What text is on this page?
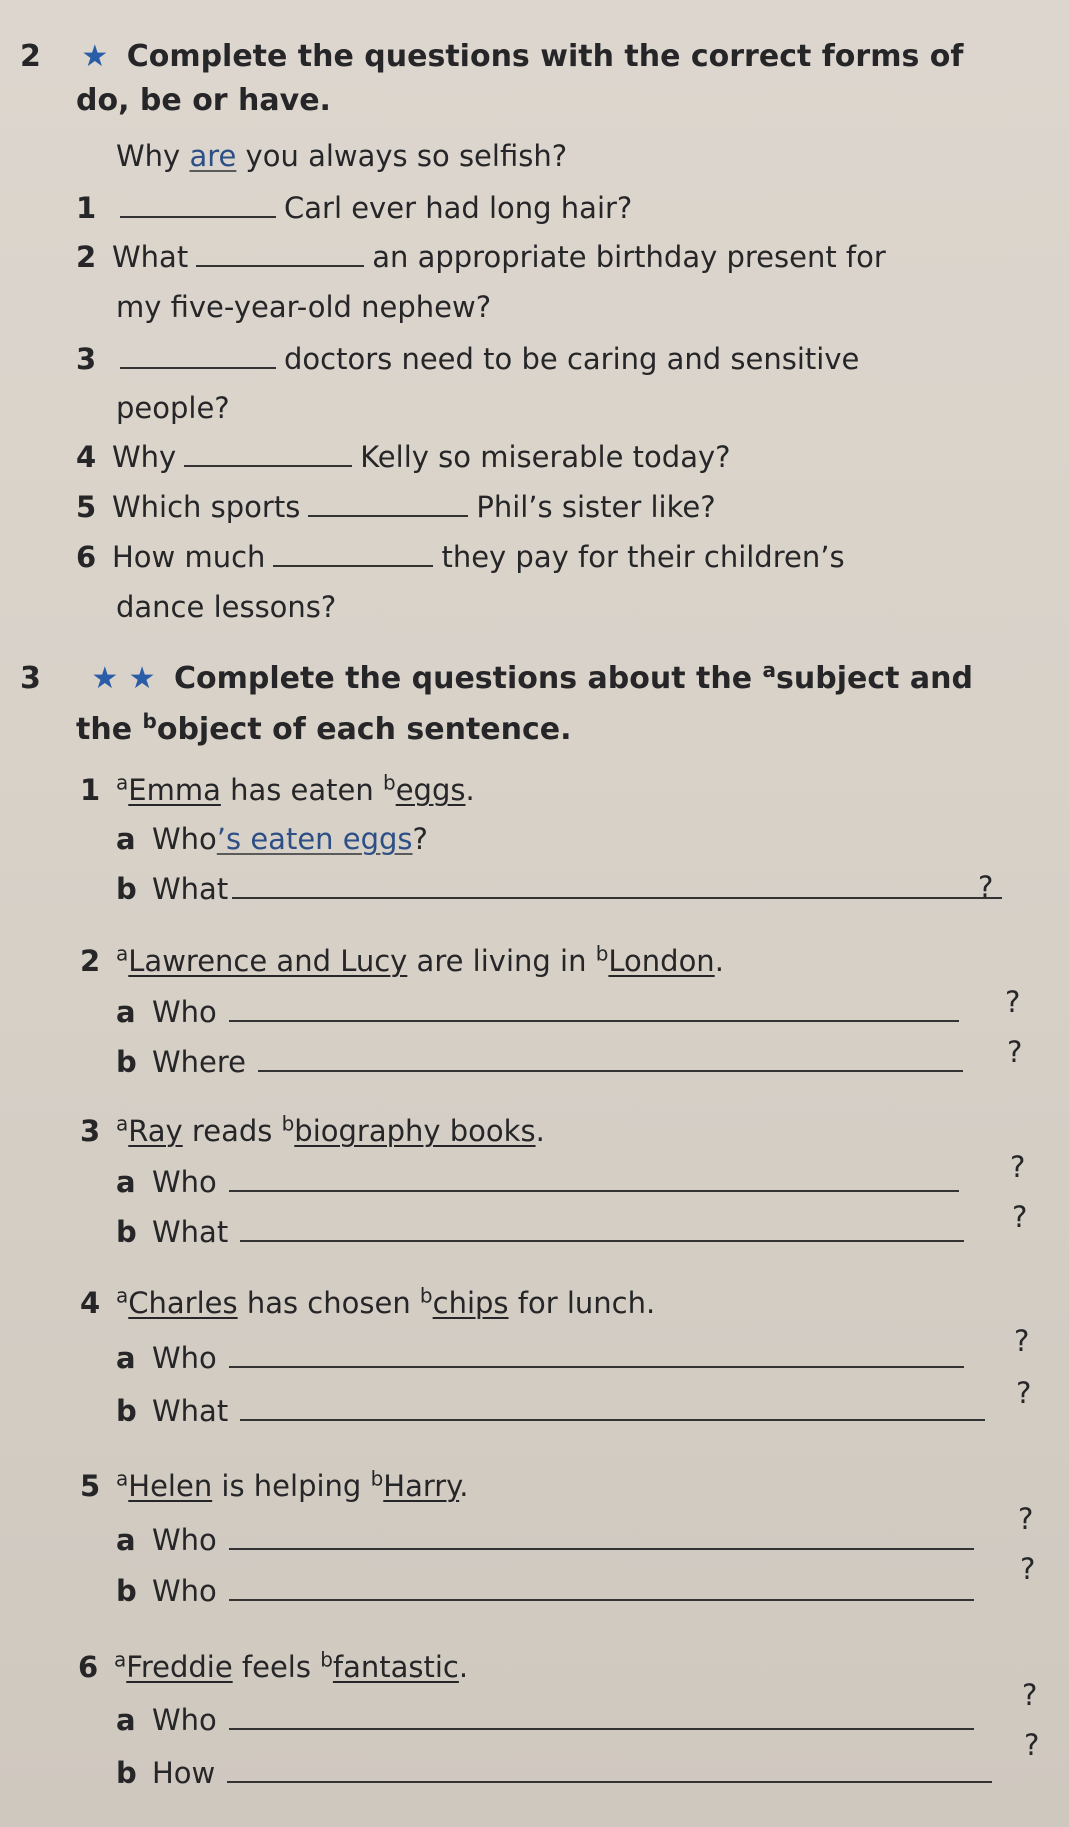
2 ★ Complete the questions with the correct forms of
do, be or have.
Why are you always so selfish?
1	Carl ever had long hair?
2 What	an appropriate birthday present for
my five-year-old nephew?
3	doctors need to be caring and sensitive
people?
4 Why	Kelly so miserable today?
5 Which sports	Phil’s sister like?
6 How much	they pay for their children’s
dance lessons?
3 ★ ★ Complete the questions about the $^a$subject and
the $^b$object of each sentence.
1 $^a$Emma has eaten $^b$eggs.
a Who’s eaten eggs?
b What	?
2 $^a$Lawrence and Lucy are living in $^b$London.
a Who	?
b Where	?
3 $^a$Ray reads $^b$biography books.
a Who	?
b What	?
4 $^a$Charles has chosen $^b$chips for lunch.
a Who	?
b What
?
5 $^a$Helen is helping $^b$Harry.
a Who
?
b Who
?
6 $^a$Freddie feels $^b$fantastic.
a Who
?
b How
?
